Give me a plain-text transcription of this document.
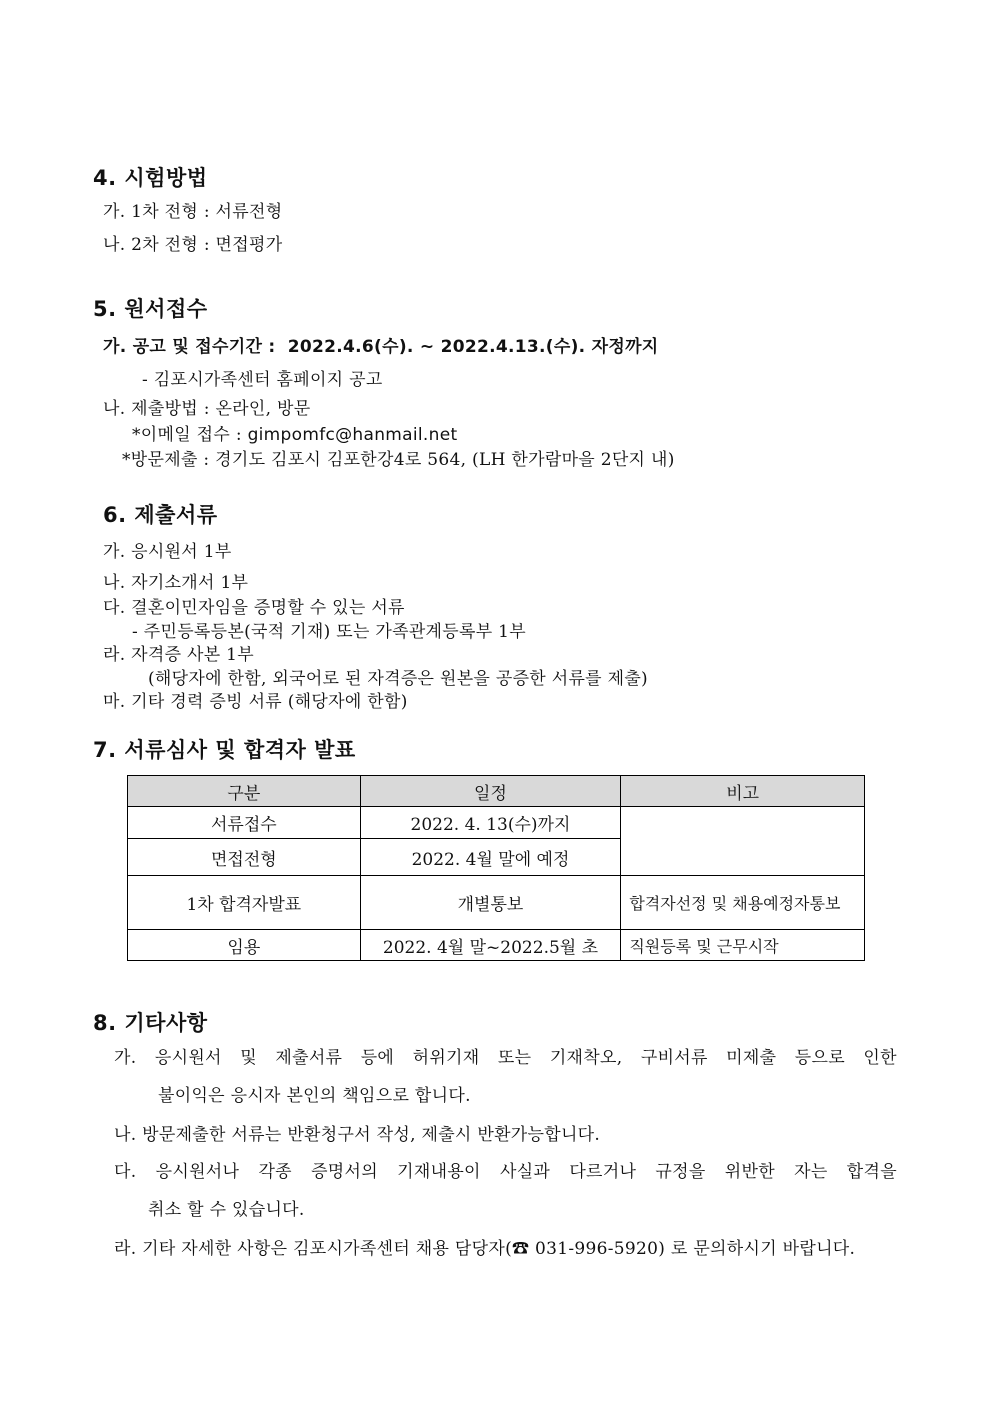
4. 시험방법
가. 1차 전형 : 서류전형
나. 2차 전형 : 면접평가
5. 원서접수
가. 공고 및 접수기간 : 2022.4.6(수). ~ 2022.4.13.(수). 자정까지
- 김포시가족센터 홈페이지 공고
나. 제출방법 : 온라인, 방문
*이메일 접수 : gimpomfc@hanmail.net
*방문제출 : 경기도 김포시 김포한강4로 564, (LH 한가람마을 2단지 내)
6. 제출서류
가. 응시원서 1부
나. 자기소개서 1부
다. 결혼이민자임을 증명할 수 있는 서류
- 주민등록등본(국적 기재) 또는 가족관계등록부 1부
라. 자격증 사본 1부
(해당자에 한함, 외국어로 된 자격증은 원본을 공증한 서류를 제출)
마. 기타 경력 증빙 서류 (해당자에 한함)
7. 서류심사 및 합격자 발표
구분	일정	비고
서류접수	2022. 4. 13(수)까지	
면접전형	2022. 4월 말에 예정	
1차 합격자발표	개별통보	합격자선정 및 채용예정자통보
임용	2022. 4월 말~2022.5월 초	직원등록 및 근무시작
8. 기타사항
가. 응시원서 및 제출서류 등에 허위기재 또는 기재착오, 구비서류 미제출 등으로 인한
불이익은 응시자 본인의 책임으로 합니다.
나. 방문제출한 서류는 반환청구서 작성, 제출시 반환가능합니다.
다. 응시원서나 각종 증명서의 기재내용이 사실과 다르거나 규정을 위반한 자는 합격을
취소 할 수 있습니다.
라. 기타 자세한 사항은 김포시가족센터 채용 담당자(☎ 031-996-5920) 로 문의하시기 바랍니다.
